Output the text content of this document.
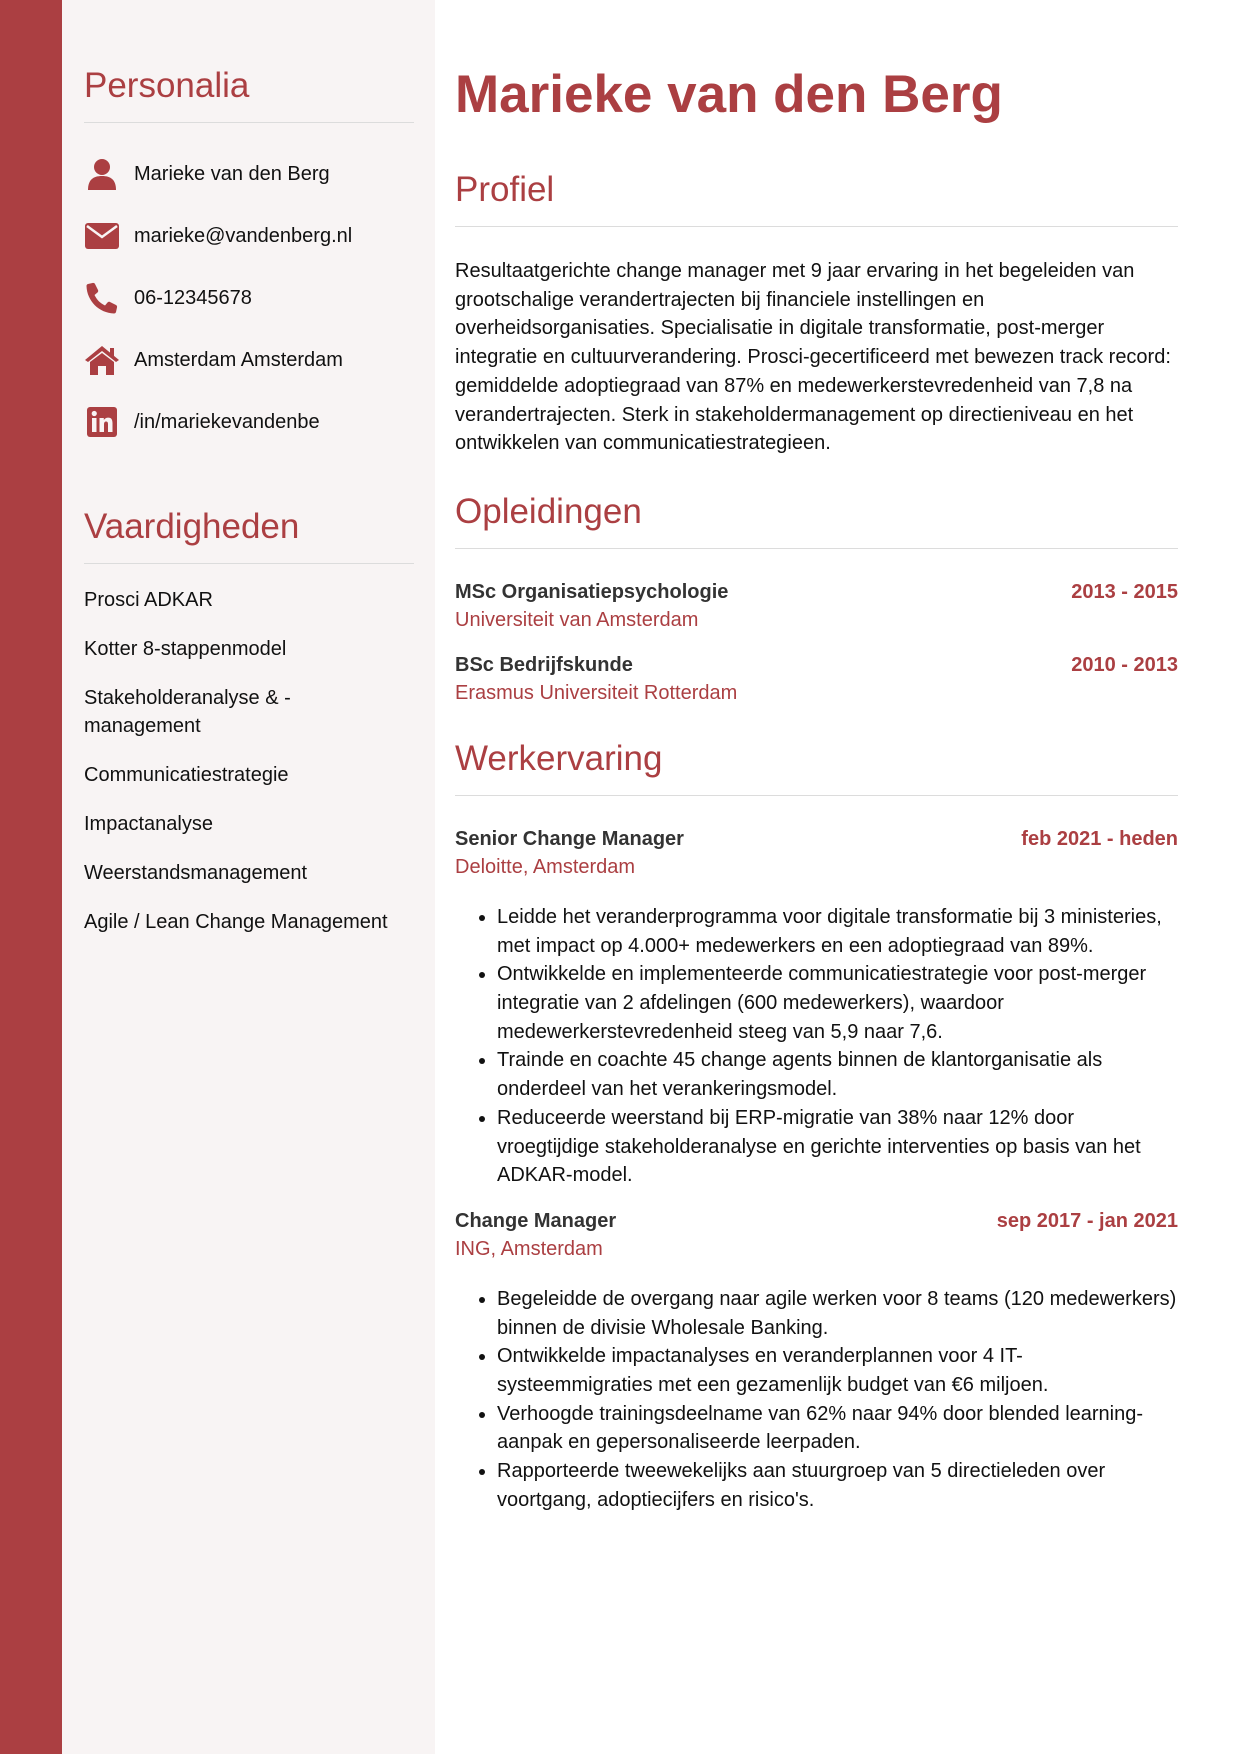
Personalia
Marieke van den Berg
marieke@vandenberg.nl
06-12345678
Amsterdam Amsterdam
/in/mariekevandenbe
Vaardigheden
Prosci ADKAR
Kotter 8-stappenmodel
Stakeholderanalyse & -management
Communicatiestrategie
Impactanalyse
Weerstandsmanagement
Agile / Lean Change Management
Marieke van den Berg
Profiel

Resultaatgerichte change manager met 9 jaar ervaring in het begeleiden van grootschalige verandertrajecten bij financiele instellingen en overheidsorganisaties. Specialisatie in digitale transformatie, post-merger integratie en cultuurverandering. Prosci-gecertificeerd met bewezen track record: gemiddelde adoptiegraad van 87% en medewerkerstevredenheid van 7,8 na verandertrajecten. Sterk in stakeholdermanagement op directieniveau en het ontwikkelen van communicatiestrategieen.

Opleidingen
MSc Organisatiepsychologie	2013 - 2015
Universiteit van Amsterdam
BSc Bedrijfskunde	2010 - 2013
Erasmus Universiteit Rotterdam
Werkervaring
Senior Change Manager	feb 2021 - heden
Deloitte, Amsterdam
• Leidde het veranderprogramma voor digitale transformatie bij 3 ministeries, met impact op 4.000+ medewerkers en een adoptiegraad van 89%.
• Ontwikkelde en implementeerde communicatiestrategie voor post-merger integratie van 2 afdelingen (600 medewerkers), waardoor medewerkerstevredenheid steeg van 5,9 naar 7,6.
• Trainde en coachte 45 change agents binnen de klantorganisatie als onderdeel van het verankeringsmodel.
• Reduceerde weerstand bij ERP-migratie van 38% naar 12% door vroegtijdige stakeholderanalyse en gerichte interventies op basis van het ADKAR-model.
Change Manager	sep 2017 - jan 2021
ING, Amsterdam
• Begeleidde de overgang naar agile werken voor 8 teams (120 medewerkers) binnen de divisie Wholesale Banking.
• Ontwikkelde impactanalyses en veranderplannen voor 4 IT-systeemmigraties met een gezamenlijk budget van €6 miljoen.
• Verhoogde trainingsdeelname van 62% naar 94% door blended learning-aanpak en gepersonaliseerde leerpaden.
• Rapporteerde tweewekelijks aan stuurgroep van 5 directieleden over voortgang, adoptiecijfers en risico's.
